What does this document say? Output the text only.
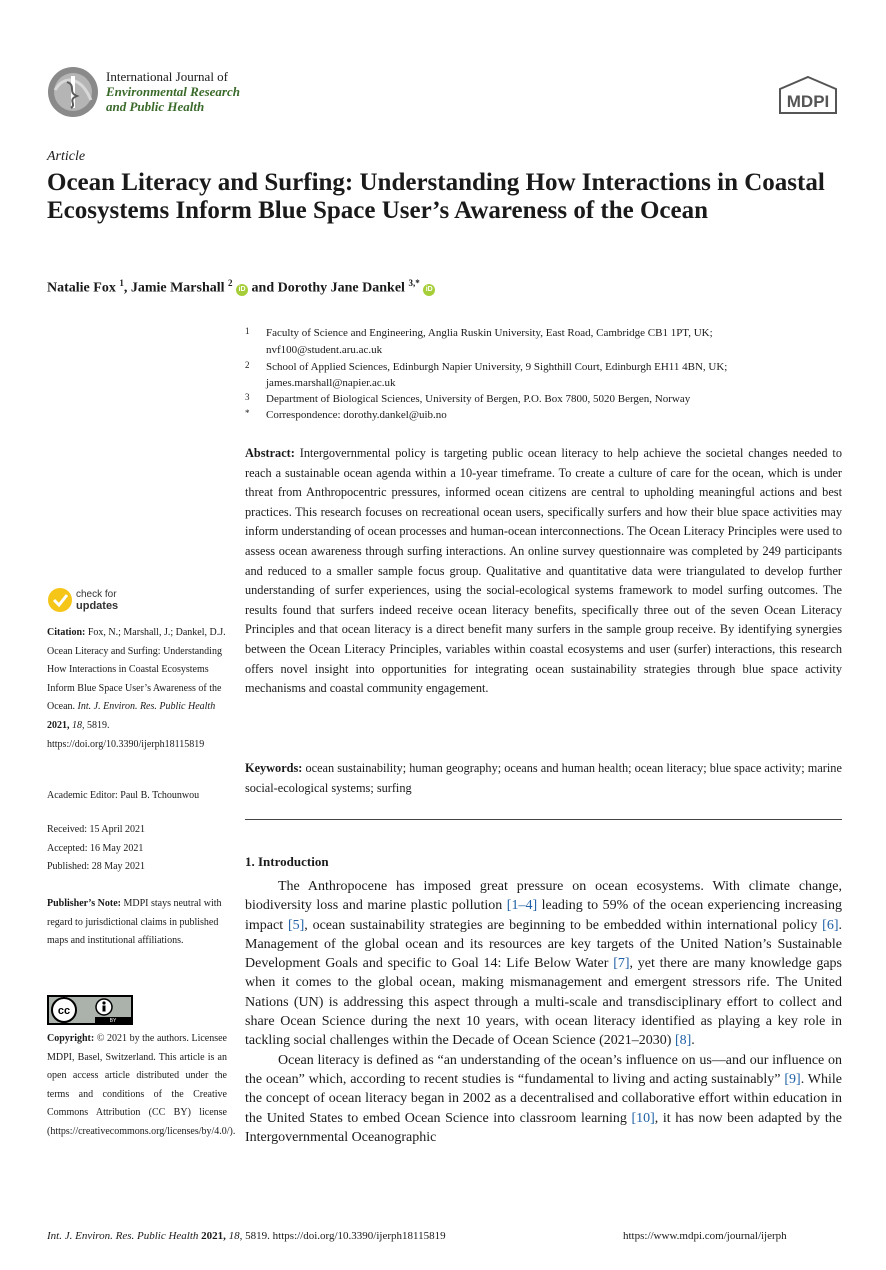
International Journal of
Environmental Research
and Public Health	MDPI
Article
Ocean Literacy and Surfing: Understanding How Interactions in Coastal Ecosystems Inform Blue Space User’s Awareness of the Ocean
Natalie Fox $^1$, Jamie Marshall $^2$ iD and Dorothy Jane Dankel $^{3,*}$ iD
1 Faculty of Science and Engineering, Anglia Ruskin University, East Road, Cambridge CB1 1PT, UK;
nvf100@student.aru.ac.uk
2 School of Applied Sciences, Edinburgh Napier University, 9 Sighthill Court, Edinburgh EH11 4BN, UK;
james.marshall@napier.ac.uk
3 Department of Biological Sciences, University of Bergen, P.O. Box 7800, 5020 Bergen, Norway
* Correspondence: dorothy.dankel@uib.no
Abstract: Intergovernmental policy is targeting public ocean literacy to help achieve the societal changes needed to reach a sustainable ocean agenda within a 10-year timeframe. To create a culture of care for the ocean, which is under threat from Anthropocentric pressures, informed ocean citizens are central to upholding meaningful actions and best practices. This research focuses on recreational ocean users, specifically surfers and how their blue space activities may inform understanding of ocean processes and human-ocean interconnections. The Ocean Literacy Principles were used to assess ocean awareness through surfing interactions. An online survey questionnaire was completed by 249 participants and reduced to a smaller sample focus group. Qualitative and quantitative data were triangulated to develop further understanding of surfer experiences, using the social-ecological systems framework to model surfing outcomes. The results found that surfers indeed receive ocean literacy benefits, specifically three out of the seven Ocean Literacy Principles and that ocean literacy is a direct benefit many surfers in the sample group receive. By identifying synergies between the Ocean Literacy Principles, variables within coastal ecosystems and user (surfer) interactions, this research offers novel insight into opportunities for integrating ocean sustainability strategies through blue space activity mechanisms and coastal community engagement.
Keywords: ocean sustainability; human geography; oceans and human health; ocean literacy; blue space activity; marine social-ecological systems; surfing
1. Introduction

The Anthropocene has imposed great pressure on ocean ecosystems. With climate change, biodiversity loss and marine plastic pollution [1–4] leading to 59% of the ocean experiencing increasing impact [5], ocean sustainability strategies are beginning to be embedded within international policy [6]. Management of the global ocean and its resources are key targets of the United Nation’s Sustainable Development Goals and specific to Goal 14: Life Below Water [7], yet there are many knowledge gaps when it comes to the global ocean, making mismanagement and emergent stressors rife. The United Nations (UN) is addressing this aspect through a multi-scale and transdisciplinary effort to collect and share Ocean Science during the next 10 years, with ocean literacy identified as playing a key role in tackling social challenges within the Decade of Ocean Science (2021–2030) [8].

Ocean literacy is defined as “an understanding of the ocean’s influence on us—and our influence on the ocean” which, according to recent studies is “fundamental to living and acting sustainably” [9]. While the concept of ocean literacy began in 2002 as a decentralised and collaborative effort within education in the United States to embed Ocean Science into classroom learning [10], it has now been adapted by the Intergovernmental Oceanographic

check for
updates
Citation: Fox, N.; Marshall, J.; Dankel, D.J. Ocean Literacy and Surfing: Understanding How Interactions in Coastal Ecosystems Inform Blue Space User’s Awareness of the Ocean. Int. J. Environ. Res. Public Health 2021, 18, 5819. https://doi.org/10.3390/ijerph18115819
Academic Editor: Paul B. Tchounwou
Received: 15 April 2021
Accepted: 16 May 2021
Published: 28 May 2021
Publisher’s Note: MDPI stays neutral with regard to jurisdictional claims in published maps and institutional affiliations.
BY
cc
Copyright: © 2021 by the authors. Licensee MDPI, Basel, Switzerland. This article is an open access article distributed under the terms and conditions of the Creative Commons Attribution (CC BY) license (https://creativecommons.org/licenses/by/4.0/).
Int. J. Environ. Res. Public Health 2021, 18, 5819. https://doi.org/10.3390/ijerph18115819	https://www.mdpi.com/journal/ijerph
